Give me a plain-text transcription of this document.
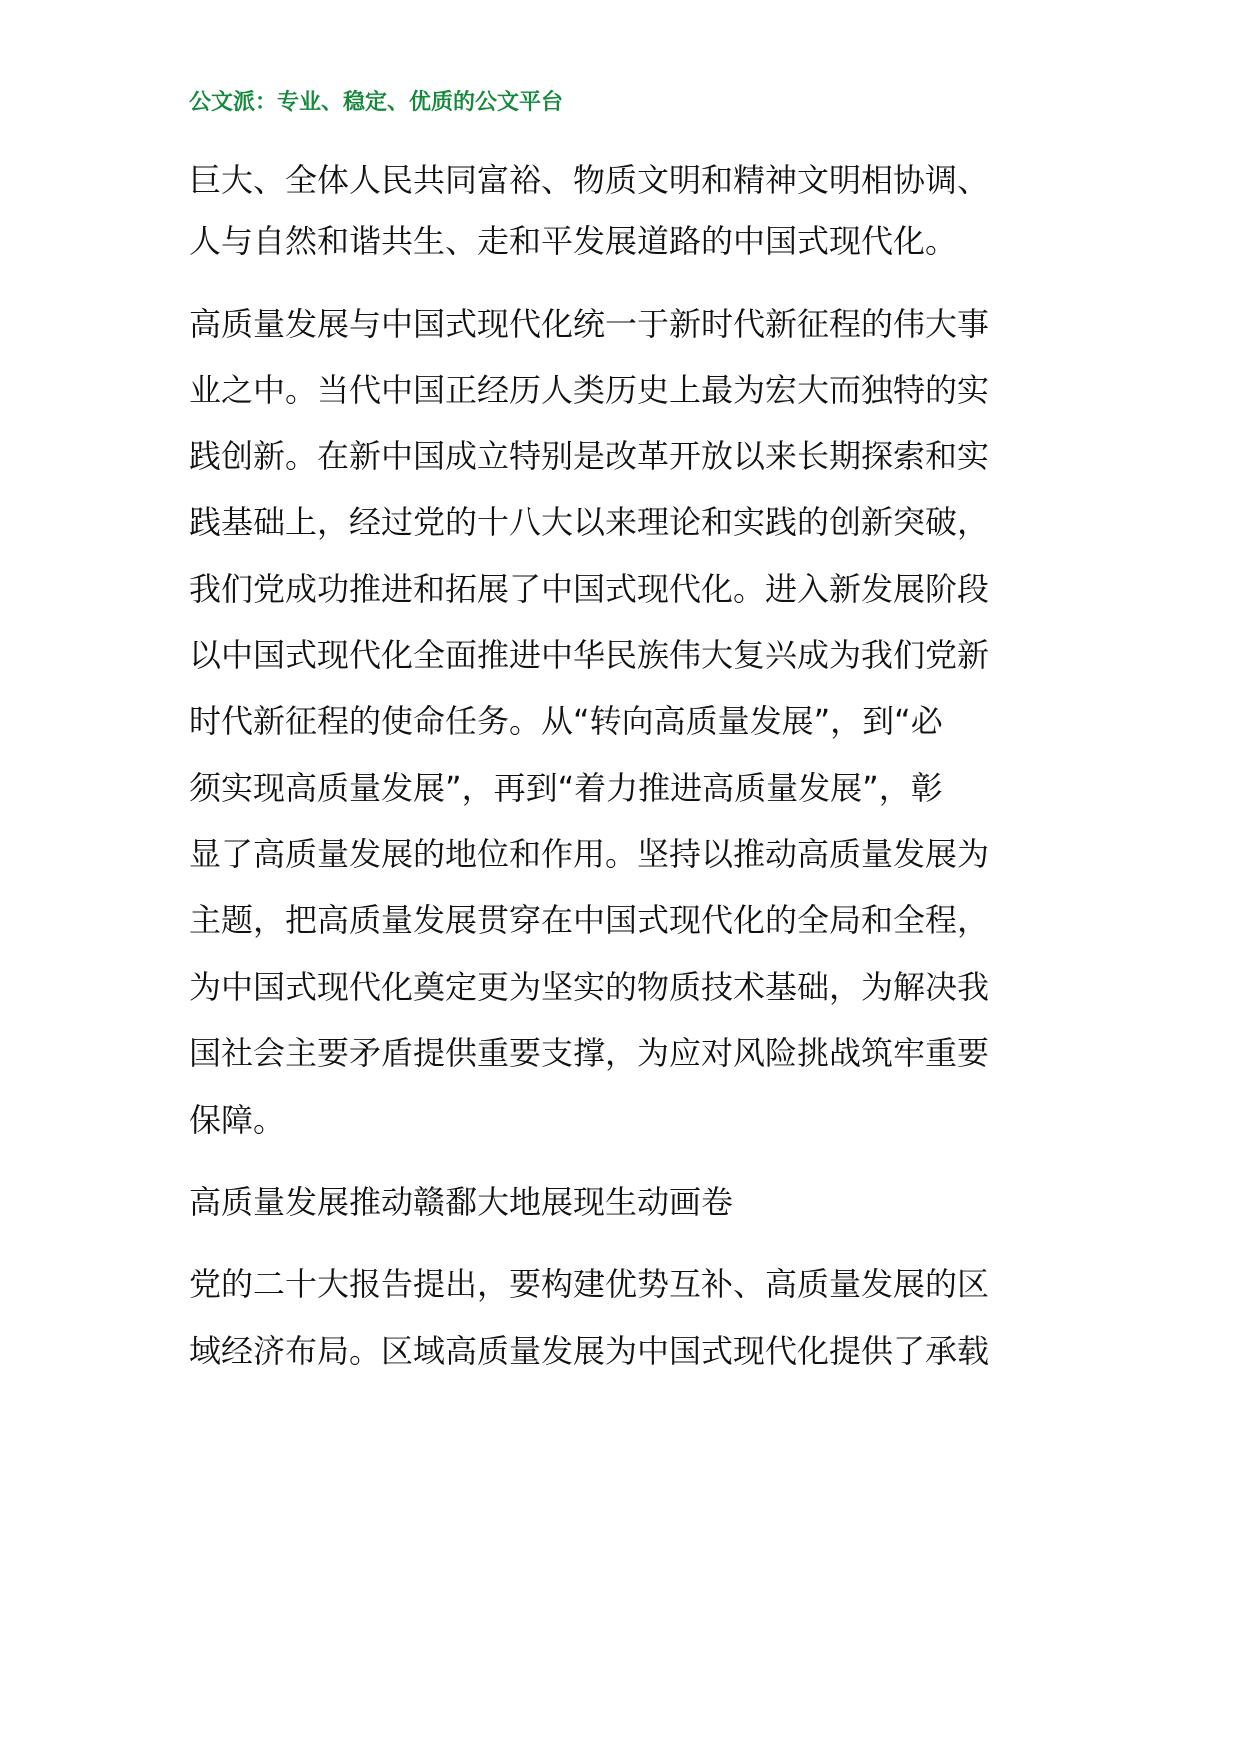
公文派：专业、稳定、优质的公文平台
巨大、全体人民共同富裕、物质文明和精神文明相协调、
人与自然和谐共生、走和平发展道路的中国式现代化。
高质量发展与中国式现代化统一于新时代新征程的伟大事
业之中。当代中国正经历人类历史上最为宏大而独特的实
践创新。在新中国成立特别是改革开放以来长期探索和实
践基础上，经过党的十八大以来理论和实践的创新突破，
我们党成功推进和拓展了中国式现代化。进入新发展阶段
以中国式现代化全面推进中华民族伟大复兴成为我们党新
时代新征程的使命任务。从“转向高质量发展”，到“必
须实现高质量发展”，再到“着力推进高质量发展”，彰
显了高质量发展的地位和作用。坚持以推动高质量发展为
主题，把高质量发展贯穿在中国式现代化的全局和全程，
为中国式现代化奠定更为坚实的物质技术基础，为解决我
国社会主要矛盾提供重要支撑，为应对风险挑战筑牢重要
保障。
高质量发展推动赣鄱大地展现生动画卷
党的二十大报告提出，要构建优势互补、高质量发展的区
域经济布局。区域高质量发展为中国式现代化提供了承载
